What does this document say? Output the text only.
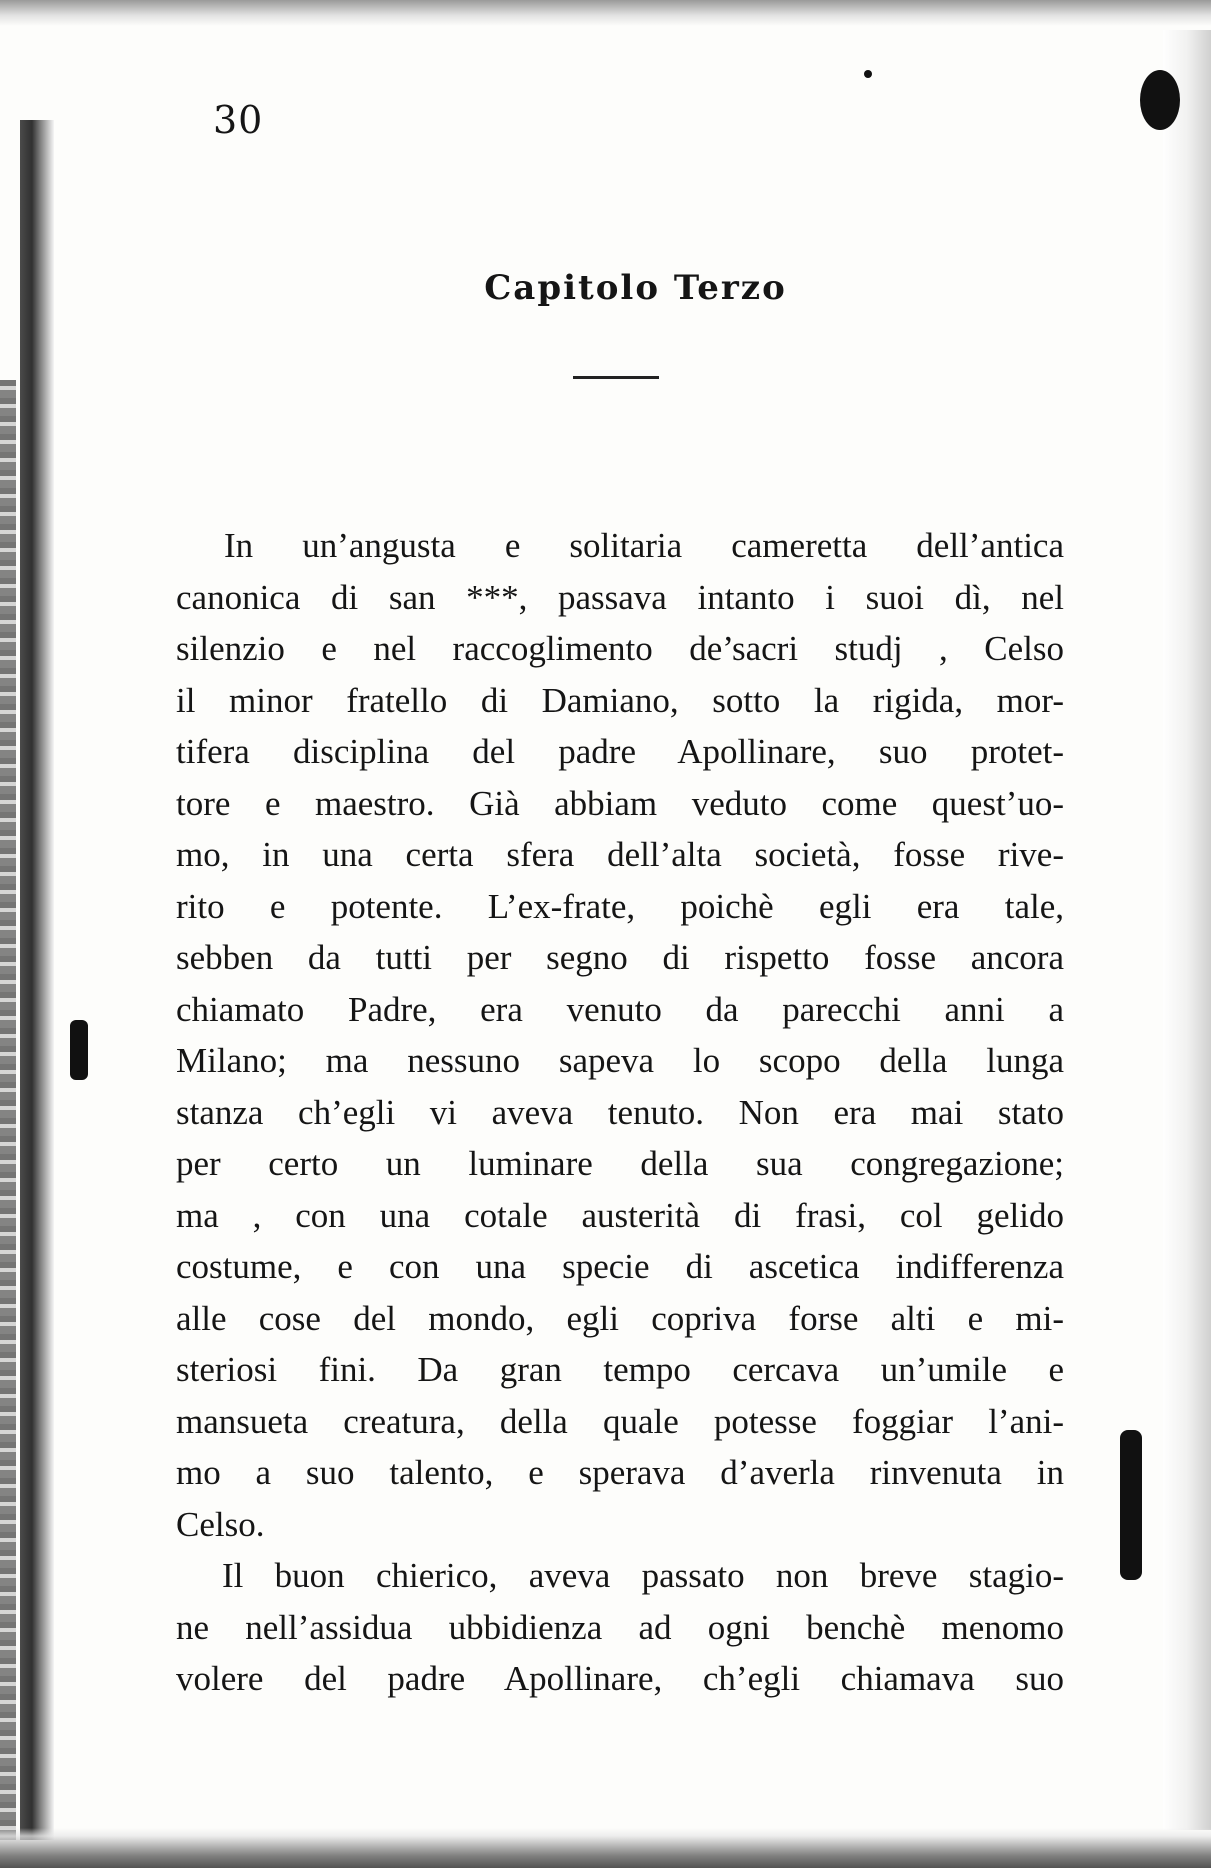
30
Capitolo Terzo
In un’angusta e solitaria cameretta dell’antica
canonica di san ***, passava intanto i suoi dì, nel
silenzio e nel raccoglimento de’sacri studj , Celso
il minor fratello di Damiano, sotto la rigida, mor-
tifera disciplina del padre Apollinare, suo protet-
tore e maestro. Già abbiam veduto come quest’uo-
mo, in una certa sfera dell’alta società, fosse rive-
rito e potente. L’ex-frate, poichè egli era tale,
sebben da tutti per segno di rispetto fosse ancora
chiamato Padre, era venuto da parecchi anni a
Milano; ma nessuno sapeva lo scopo della lunga
stanza ch’egli vi aveva tenuto. Non era mai stato
per certo un luminare della sua congregazione;
ma , con una cotale austerità di frasi, col gelido
costume, e con una specie di ascetica indifferenza
alle cose del mondo, egli copriva forse alti e mi-
steriosi fini. Da gran tempo cercava un’umile e
mansueta creatura, della quale potesse foggiar l’ani-
mo a suo talento, e sperava d’averla rinvenuta in
Celso.
Il buon chierico, aveva passato non breve stagio-
ne nell’assidua ubbidienza ad ogni benchè menomo
volere del padre Apollinare, ch’egli chiamava suo
